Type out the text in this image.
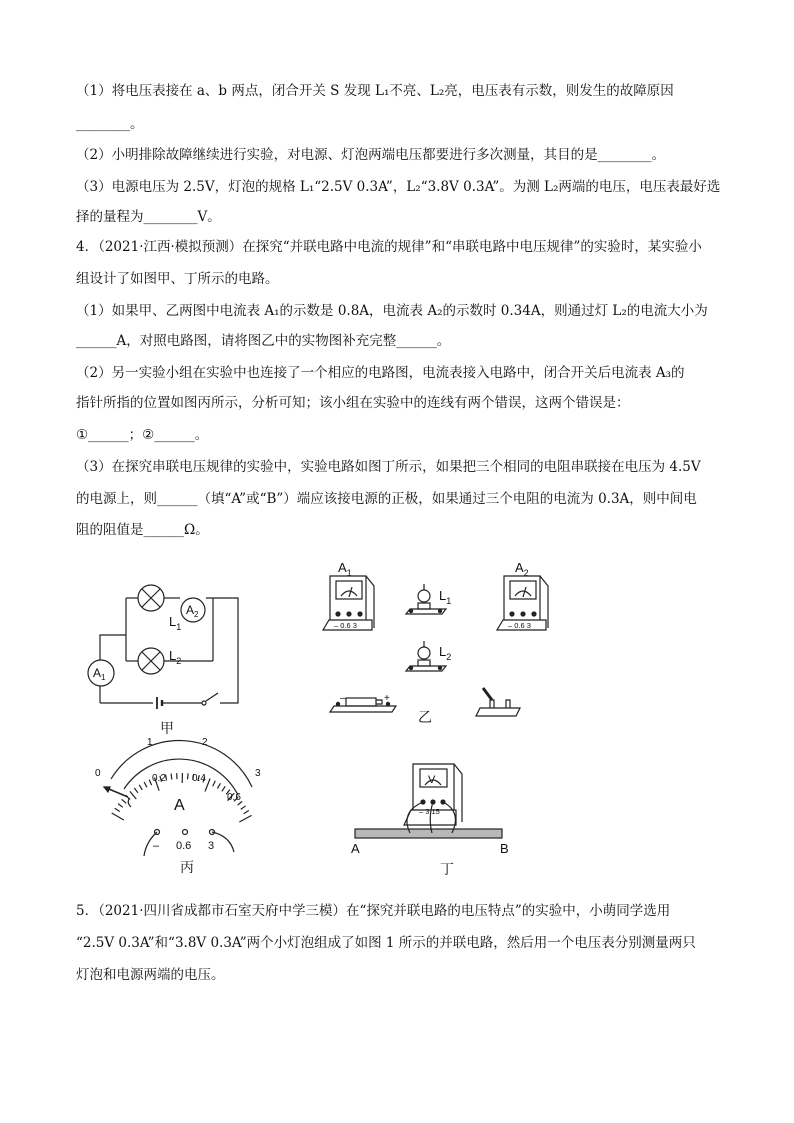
（1）将电压表接在 a、b 两点，闭合开关 S 发现 L₁不亮、L₂亮，电压表有示数，则发生的故障原因
________。
（2）小明排除故障继续进行实验，对电源、灯泡两端电压都要进行多次测量，其目的是________。
（3）电源电压为 2.5V，灯泡的规格 L₁“2.5V 0.3A”，L₂“3.8V 0.3A”。为测 L₂两端的电压，电压表最好选
择的量程为________V。
4．（2021·江西·模拟预测）在探究“并联电路中电流的规律”和“串联电路中电压规律”的实验时，某实验小
组设计了如图甲、丁所示的电路。
（1）如果甲、乙两图中电流表 A₁的示数是 0.8A，电流表 A₂的示数时 0.34A，则通过灯 L₂的电流大小为
______A，对照电路图，请将图乙中的实物图补充完整______。
（2）另一实验小组在实验中也连接了一个相应的电路图，电流表接入电路中，闭合开关后电流表 A₃的
指针所指的位置如图丙所示，分析可知；该小组在实验中的连线有两个错误，这两个错误是：
①______；②______。
（3）在探究串联电压规律的实验中，实验电路如图丁所示，如果把三个相同的电阻串联接在电压为 4.5V
的电源上，则______（填“A”或“B”）端应该接电源的正极，如果通过三个电阻的电流为 0.3A，则中间电
阻的阻值是______Ω。
5．（2021·四川省成都市石室天府中学三模）在“探究并联电路的电压特点”的实验中，小萌同学选用
“2.5V 0.3A”和“3.8V 0.3A”两个小灯泡组成了如图 1 所示的并联电路，然后用一个电压表分别测量两只
灯泡和电源两端的电压。
$L_1$
$L_2$
$A_2$
$A_1$
甲
$A_1$	$A_2$
$L_1$
$L_2$
– 0.6 3	– 0.6 3
–	+
乙
0
1	2
3
0.2	0.4
0.6
A
– 0.6 3
丙
V
– 3 15
A	B
丁
